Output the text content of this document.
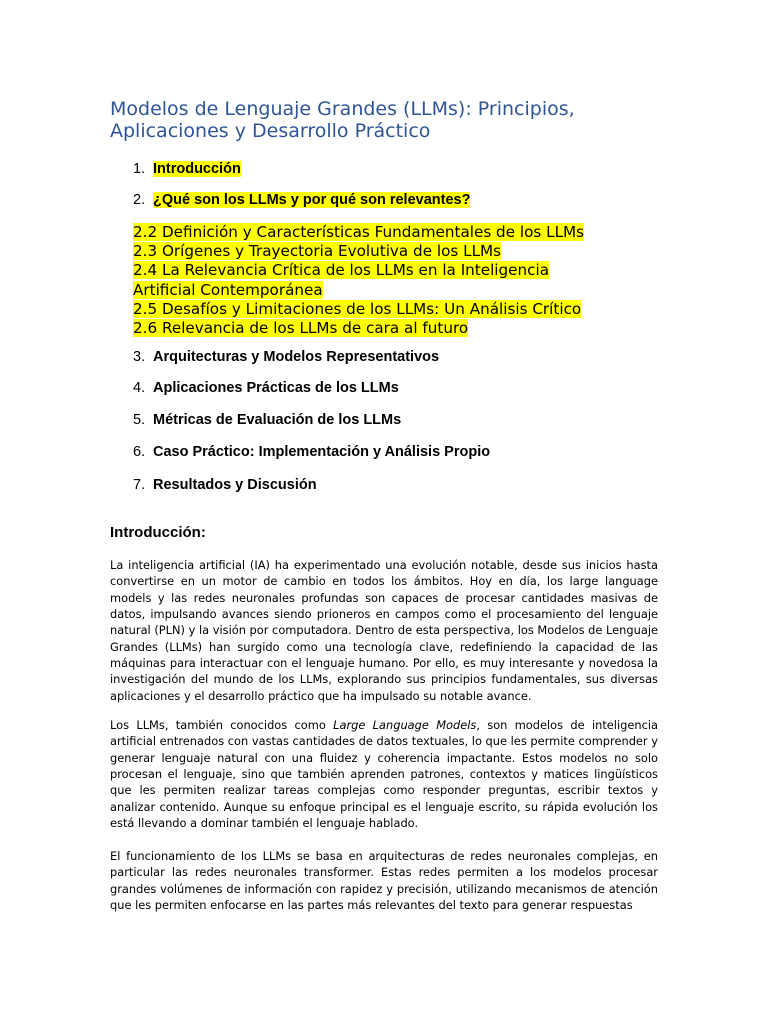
Modelos de Lenguaje Grandes (LLMs): Principios, Aplicaciones y Desarrollo Práctico
1. Introducción
2. ¿Qué son los LLMs y por qué son relevantes?
2.2 Definición y Características Fundamentales de los LLMs
2.3 Orígenes y Trayectoria Evolutiva de los LLMs
2.4 La Relevancia Crítica de los LLMs en la Inteligencia
Artificial Contemporánea
2.5 Desafíos y Limitaciones de los LLMs: Un Análisis Crítico
2.6 Relevancia de los LLMs de cara al futuro
3. Arquitecturas y Modelos Representativos
4. Aplicaciones Prácticas de los LLMs
5. Métricas de Evaluación de los LLMs
6. Caso Práctico: Implementación y Análisis Propio
7. Resultados y Discusión
Introducción:

La inteligencia artificial (IA) ha experimentado una evolución notable, desde sus inicios hasta convertirse en un motor de cambio en todos los ámbitos. Hoy en día, los large language models y las redes neuronales profundas son capaces de procesar cantidades masivas de datos, impulsando avances siendo prioneros en campos como el procesamiento del lenguaje natural (PLN) y la visión por computadora. Dentro de esta perspectiva, los Modelos de Lenguaje Grandes (LLMs) han surgido como una tecnología clave, redefiniendo la capacidad de las máquinas para interactuar con el lenguaje humano. Por ello, es muy interesante y novedosa la investigación del mundo de los LLMs, explorando sus principios fundamentales, sus diversas aplicaciones y el desarrollo práctico que ha impulsado su notable avance.

Los LLMs, también conocidos como Large Language Models, son modelos de inteligencia artificial entrenados con vastas cantidades de datos textuales, lo que les permite comprender y generar lenguaje natural con una fluidez y coherencia impactante. Estos modelos no solo procesan el lenguaje, sino que también aprenden patrones, contextos y matices lingüísticos que les permiten realizar tareas complejas como responder preguntas, escribir textos y analizar contenido. Aunque su enfoque principal es el lenguaje escrito, su rápida evolución los está llevando a dominar también el lenguaje hablado.

El funcionamiento de los LLMs se basa en arquitecturas de redes neuronales complejas, en particular las redes neuronales transformer. Estas redes permiten a los modelos procesar grandes volúmenes de información con rapidez y precisión, utilizando mecanismos de atención que les permiten enfocarse en las partes más relevantes del texto para generar respuestas
